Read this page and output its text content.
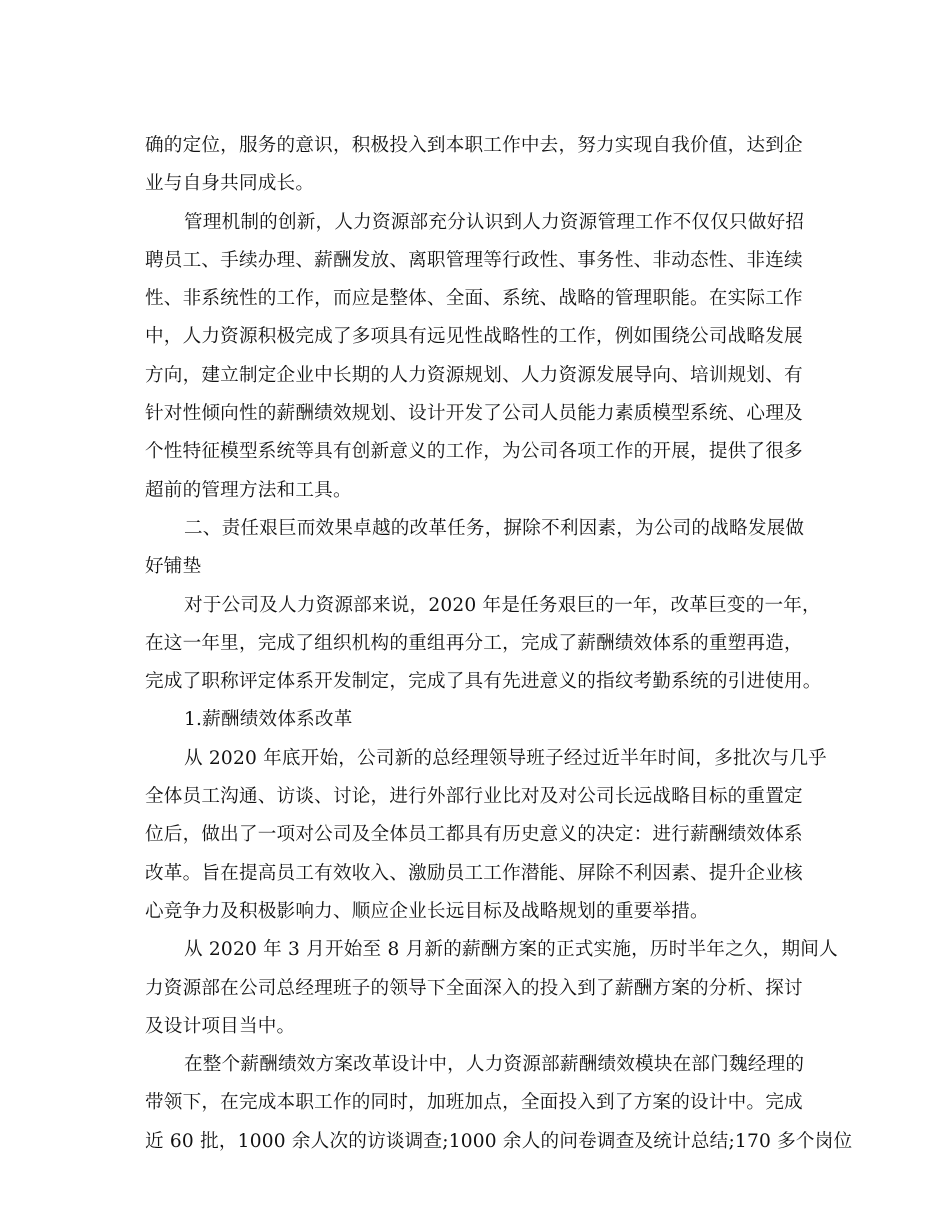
确的定位，服务的意识，积极投入到本职工作中去，努力实现自我价值，达到企
业与自身共同成长。
管理机制的创新，人力资源部充分认识到人力资源管理工作不仅仅只做好招
聘员工、手续办理、薪酬发放、离职管理等行政性、事务性、非动态性、非连续
性、非系统性的工作，而应是整体、全面、系统、战略的管理职能。在实际工作
中，人力资源积极完成了多项具有远见性战略性的工作，例如围绕公司战略发展
方向，建立制定企业中长期的人力资源规划、人力资源发展导向、培训规划、有
针对性倾向性的薪酬绩效规划、设计开发了公司人员能力素质模型系统、心理及
个性特征模型系统等具有创新意义的工作，为公司各项工作的开展，提供了很多
超前的管理方法和工具。
二、责任艰巨而效果卓越的改革任务，摒除不利因素，为公司的战略发展做
好铺垫
对于公司及人力资源部来说，2020 年是任务艰巨的一年，改革巨变的一年，
在这一年里，完成了组织机构的重组再分工，完成了薪酬绩效体系的重塑再造，
完成了职称评定体系开发制定，完成了具有先进意义的指纹考勤系统的引进使用。
1.薪酬绩效体系改革
从 2020 年底开始，公司新的总经理领导班子经过近半年时间，多批次与几乎
全体员工沟通、访谈、讨论，进行外部行业比对及对公司长远战略目标的重置定
位后，做出了一项对公司及全体员工都具有历史意义的决定：进行薪酬绩效体系
改革。旨在提高员工有效收入、激励员工工作潜能、屏除不利因素、提升企业核
心竞争力及积极影响力、顺应企业长远目标及战略规划的重要举措。
从 2020 年 3 月开始至 8 月新的薪酬方案的正式实施，历时半年之久，期间人
力资源部在公司总经理班子的领导下全面深入的投入到了薪酬方案的分析、探讨
及设计项目当中。
在整个薪酬绩效方案改革设计中，人力资源部薪酬绩效模块在部门魏经理的
带领下，在完成本职工作的同时，加班加点，全面投入到了方案的设计中。完成
近 60 批，1000 余人次的访谈调查;1000 余人的问卷调查及统计总结;170 多个岗位
